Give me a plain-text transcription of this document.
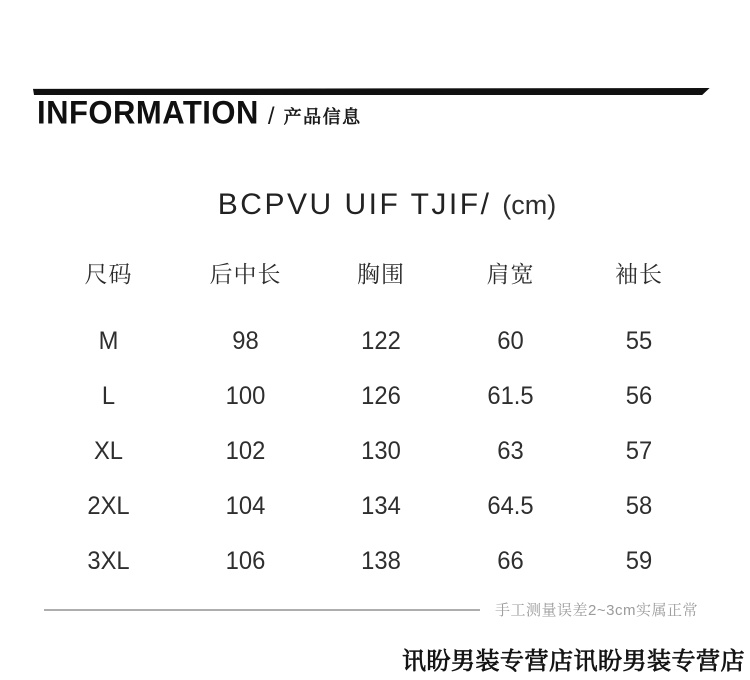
INFORMATION / 产品信息
BCPVU UIF TJIF/ (cm)
尺码	后中长	胸围	肩宽	袖长
M	98	122	60	55
L	100	126	61.5	56
XL	102	130	63	57
2XL	104	134	64.5	58
3XL	106	138	66	59
手工测量误差2~3cm实属正常
讯盼男装专营店讯盼男装专营店
